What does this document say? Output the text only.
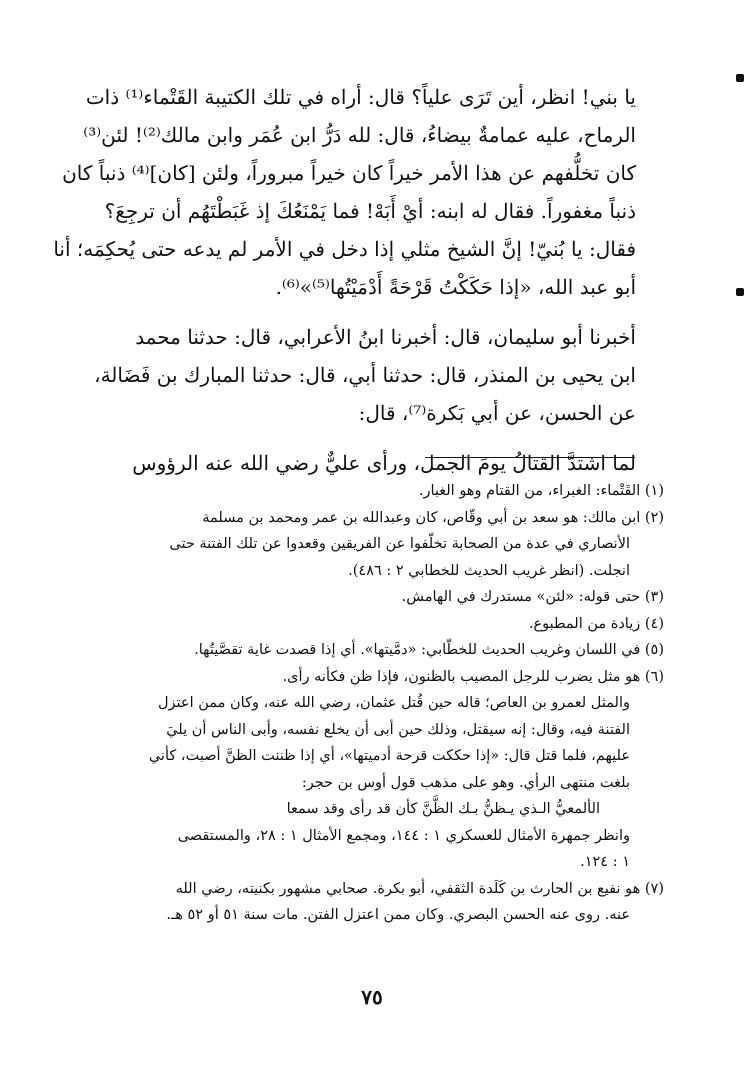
يا بني! انظر، أين تَرَى علياً؟ قال: أراه في تلك الكتيبة القَتْماء⁽¹⁾ ذات
الرماح، عليه عمامةٌ بيضاءُ، قال: لله دَرُّ ابن عُمَر وابن مالك⁽²⁾! لئن⁽³⁾
كان تخلُّفهم عن هذا الأمر خيراً كان خيراً مبروراً، ولئن [كان]⁽⁴⁾ ذنباً كان
ذنباً مغفوراً. فقال له ابنه: أيْ أَبَهْ! فما يَمْنَعُكَ إذ غَبَطْتَهُم أن ترجِعَ؟
فقال: يا بُنيّ! إنَّ الشيخ مثلي إذا دخل في الأمر لم يدعه حتى يُحكِمَه؛ أنا
أبو عبد الله، «إذا حَكَكْتُ قَرْحَةً أَدْمَيْتُها⁽⁵⁾»⁽⁶⁾.
أخبرنا أبو سليمان، قال: أخبرنا ابنُ الأعرابي، قال: حدثنا محمد
ابن يحيى بن المنذر، قال: حدثنا أبي، قال: حدثنا المبارك بن فَضَالة،
عن الحسن، عن أبي بَكرة⁽⁷⁾، قال:
لما اشتدَّ القتالُ يومَ الجمل، ورأى عليٌّ رضي الله عنه الرؤوس
(١) القَتْماء: الغبراء، من القتام وهو الغبار.
(٢) ابن مالك: هو سعد بن أبي وقّاص، كان وعبدالله بن عمر ومحمد بن مسلمة
الأنصاري في عدة من الصحابة تخلّفوا عن الفريقين وقعدوا عن تلك الفتنة حتى
انجلت. (انظر غريب الحديث للخطابي ٢ : ٤٨٦).
(٣) حتى قوله: «لئن» مستدرك في الهامش.
(٤) زيادة من المطبوع.
(٥) في اللسان وغريب الحديث للخطّابي: «دمَّيتها». أي إذا قصدت غاية تقصَّيتُها.
(٦) هو مثل يضرب للرجل المصيب بالظنون، فإذا ظن فكأنه رأى.
والمثل لعمرو بن العاص؛ قاله حين قُتل عثمان، رضي الله عنه، وكان ممن اعتزل
الفتنة فيه، وقال: إنه سيقتل، وذلك حين أبى أن يخلع نفسه، وأبى الناس أن يليَ
عليهم، فلما قتل قال: «إذا حككت قرحة أدميتها»، أي إذا ظننت الظنَّ أصبت، كأني
بلغت منتهى الرأي. وهو على مذهب قول أوس بن حجر:
الألمعيُّ الـذي يـظنُّ بـك الظَّنَّ كأن قد رأى وقد سمعا
وانظر جمهرة الأمثال للعسكري ١ : ١٤٤، ومجمع الأمثال ١ : ٢٨، والمستقصى
١ : ١٢٤.
(٧) هو نفيع بن الحارث بن كَلَدة الثقفي، أبو بكرة. صحابي مشهور بكنيته، رضي الله
عنه. روى عنه الحسن البصري. وكان ممن اعتزل الفتن. مات سنة ٥١ أو ٥٢ هـ.
٧٥
